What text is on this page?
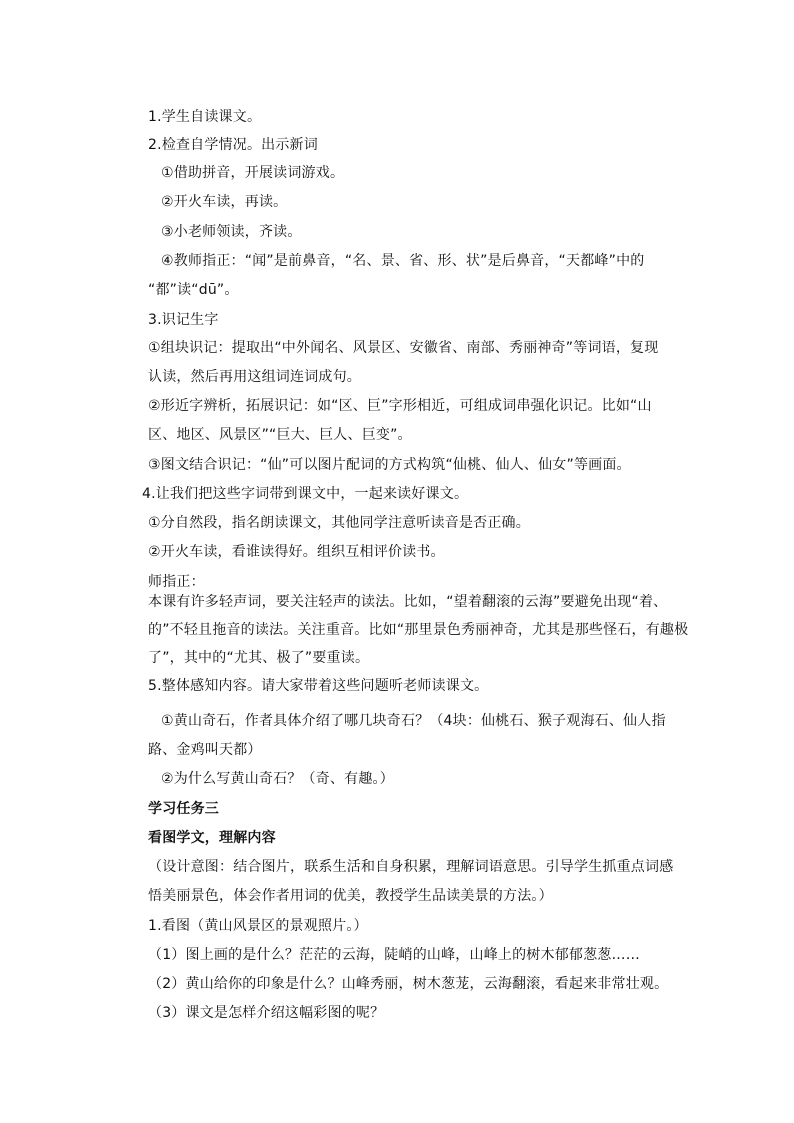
1.学生自读课文。
2.检查自学情况。出示新词
①借助拼音，开展读词游戏。
②开火车读，再读。
③小老师领读，齐读。
④教师指正：“闻”是前鼻音，“名、景、省、形、状”是后鼻音，“天都峰”中的
“都”读“dū”。
3.识记生字
①组块识记：提取出“中外闻名、风景区、安徽省、南部、秀丽神奇”等词语，复现
认读，然后再用这组词连词成句。
②形近字辨析，拓展识记：如“区、巨”字形相近，可组成词串强化识记。比如“山
区、地区、风景区”“巨大、巨人、巨变”。
③图文结合识记：“仙”可以图片配词的方式构筑“仙桃、仙人、仙女”等画面。
4.让我们把这些字词带到课文中，一起来读好课文。
①分自然段，指名朗读课文，其他同学注意听读音是否正确。
②开火车读，看谁读得好。组织互相评价读书。
师指正：
本课有许多轻声词，要关注轻声的读法。比如，“望着翻滚的云海”要避免出现“着、
的”不轻且拖音的读法。关注重音。比如“那里景色秀丽神奇，尤其是那些怪石，有趣极
了”，其中的“尤其、极了”要重读。
5.整体感知内容。请大家带着这些问题听老师读课文。
①黄山奇石，作者具体介绍了哪几块奇石？（4块：仙桃石、猴子观海石、仙人指
路、金鸡叫天都）
②为什么写黄山奇石？（奇、有趣。）
学习任务三
看图学文，理解内容
（设计意图：结合图片，联系生活和自身积累，理解词语意思。引导学生抓重点词感
悟美丽景色，体会作者用词的优美，教授学生品读美景的方法。）
1.看图（黄山风景区的景观照片。）
（1）图上画的是什么？茫茫的云海，陡峭的山峰，山峰上的树木郁郁葱葱……
（2）黄山给你的印象是什么？山峰秀丽，树木葱茏，云海翻滚，看起来非常壮观。
（3）课文是怎样介绍这幅彩图的呢？
